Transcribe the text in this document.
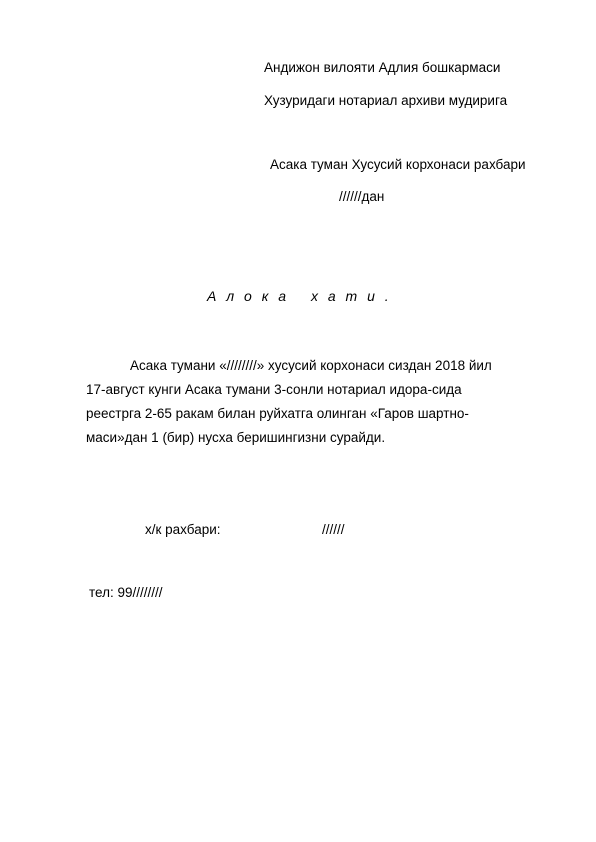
Андижон вилояти Адлия бошкармаси
Хузуридаги нотариал архиви мудирига
Асака туман Хусусий корхонаси рахбари
//////дан
А л о к а х а т и .
Асака тумани «////////» хусусий корхонаси сиздан 2018 йил
17-август кунги Асака тумани 3-сонли нотариал идора-сида
реестрга 2-65 ракам билан руйхатга олинган «Гаров шартно-
маси»дан 1 (бир) нусха беришингизни сурайди.
х/к рахбари:	//////
тел: 99////////
